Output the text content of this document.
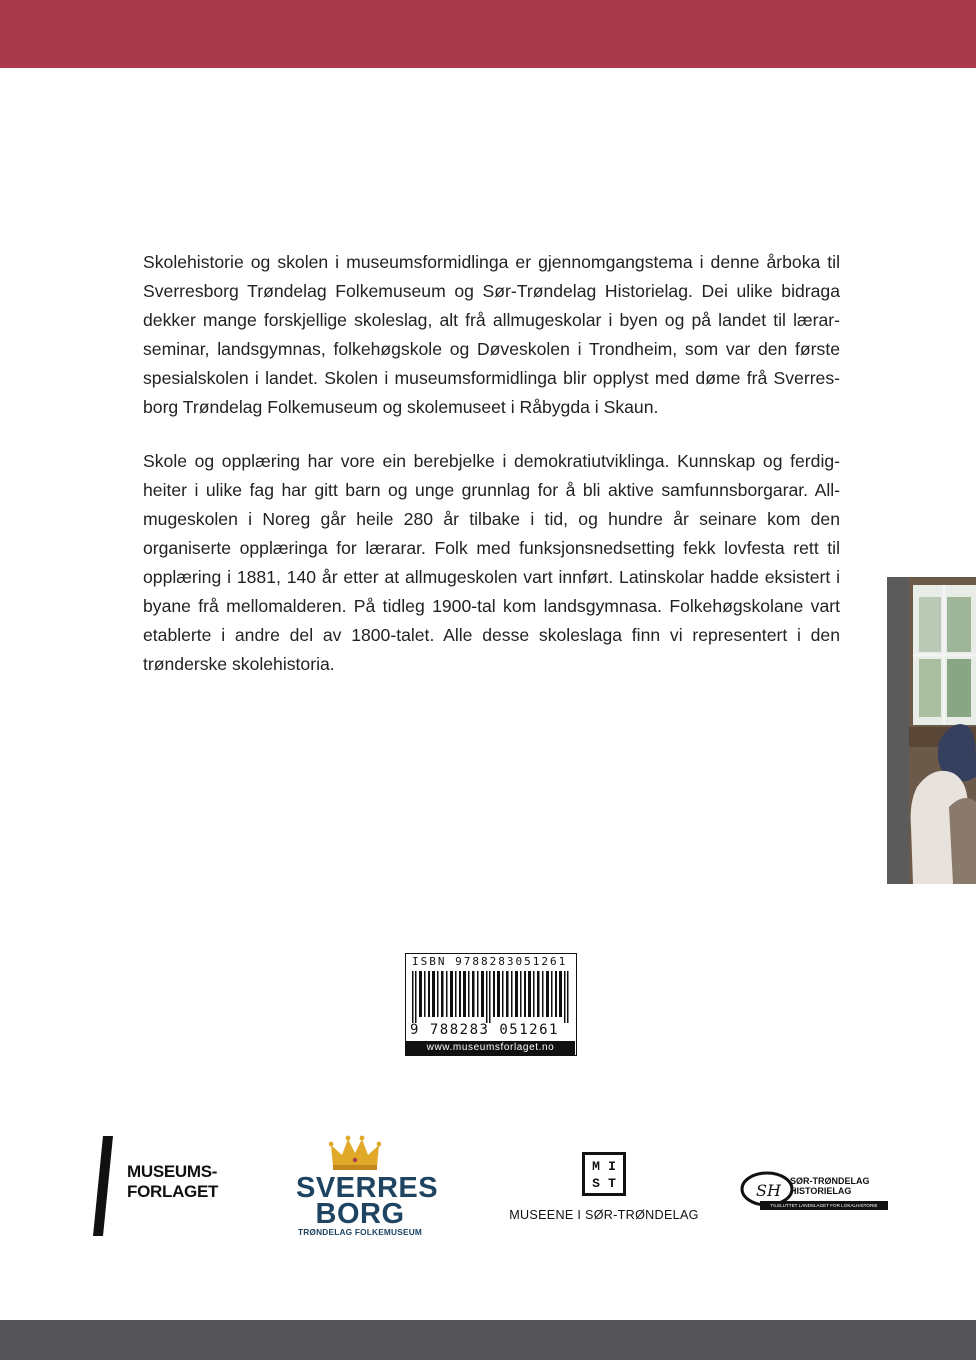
Skolehistorie og skolen i museumsformidlinga er gjennomgangstema i denne årboka til Sverresborg Trøndelag Folkemuseum og Sør-Trøndelag Historielag. Dei ulike bidraga dekker mange forskjellige skoleslag, alt frå allmugeskolar i byen og på landet til lærarseminar, landsgymnas, folkehøgskole og Døveskolen i Trondheim, som var den første spesialskolen i landet. Skolen i museumsformidlinga blir opplyst med døme frå Sverresborg Trøndelag Folkemuseum og skolemuseet i Råbygda i Skaun.

Skole og opplæring har vore ein berebjelke i demokratiutviklinga. Kunnskap og ferdigheiter i ulike fag har gitt barn og unge grunnlag for å bli aktive samfunnsborgarar. Allmugeskolen i Noreg går heile 280 år tilbake i tid, og hundre år seinare kom den organiserte opplæringa for lærarar. Folk med funksjonsnedsetting fekk lovfesta rett til opplæring i 1881, 140 år etter at allmugeskolen vart innført. Latinskolar hadde eksistert i byane frå mellomalderen. På tidleg 1900-tal kom landsgymnasa. Folkehøgskolane vart etablerte i andre del av 1800-talet. Alle desse skoleslaga finn vi representert i den trønderske skolehistoria.

ISBN 9788283051261
9 788283 051261
www.museumsforlaget.no
MUSEUMS-
FORLAGET	SVERRES
BORG
TRØNDELAG FOLKEMUSEUM
M I
S T
MUSEENE I SØR-TRØNDELAG
SH SØR-TRØNDELAG
HISTORIELAG
TILSLUTTET LANDSLAGET FOR LOKALHISTORIE
